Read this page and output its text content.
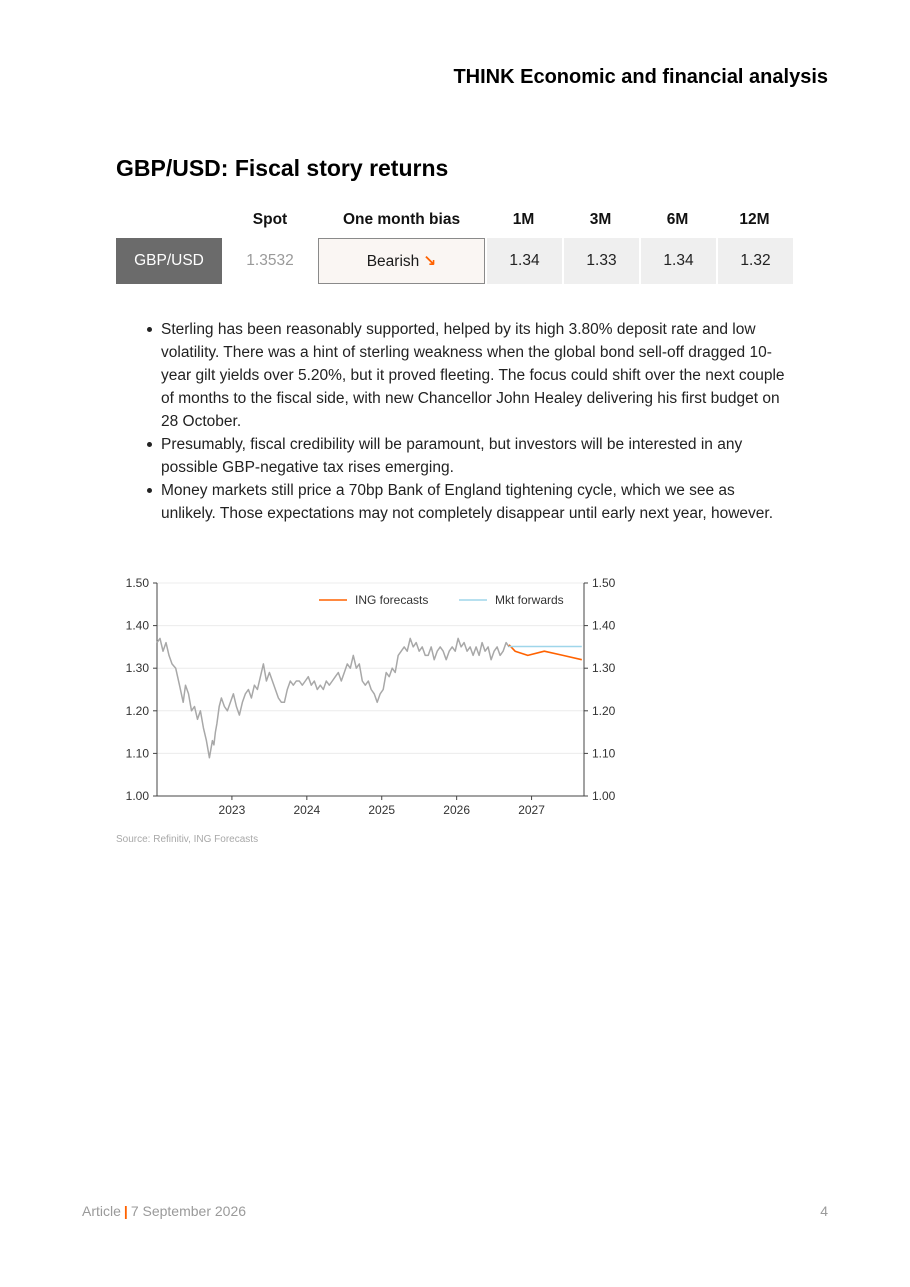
THINK Economic and financial analysis
GBP/USD: Fiscal story returns
	Spot	One month bias	1M	3M	6M	12M
GBP/USD	1.3532	Bearish ↘	1.34	1.33	1.34	1.32
Sterling has been reasonably supported, helped by its high 3.80% deposit rate and low volatility. There was a hint of sterling weakness when the global bond sell-off dragged 10-year gilt yields over 5.20%, but it proved fleeting. The focus could shift over the next couple of months to the fiscal side, with new Chancellor John Healey delivering his first budget on 28 October.
Presumably, fiscal credibility will be paramount, but investors will be interested in any possible GBP-negative tax rises emerging.
Money markets still price a 70bp Bank of England tightening cycle, which we see as unlikely. Those expectations may not completely disappear until early next year, however.
1.00	1.00
1.10	1.10
1.20	1.20
1.30	1.30
1.40	1.40
1.50	1.50
2023	2024	2025	2026	2027
ING forecasts	Mkt forwards
Source: Refinitiv, ING Forecasts
Article | 7 September 2026	4
